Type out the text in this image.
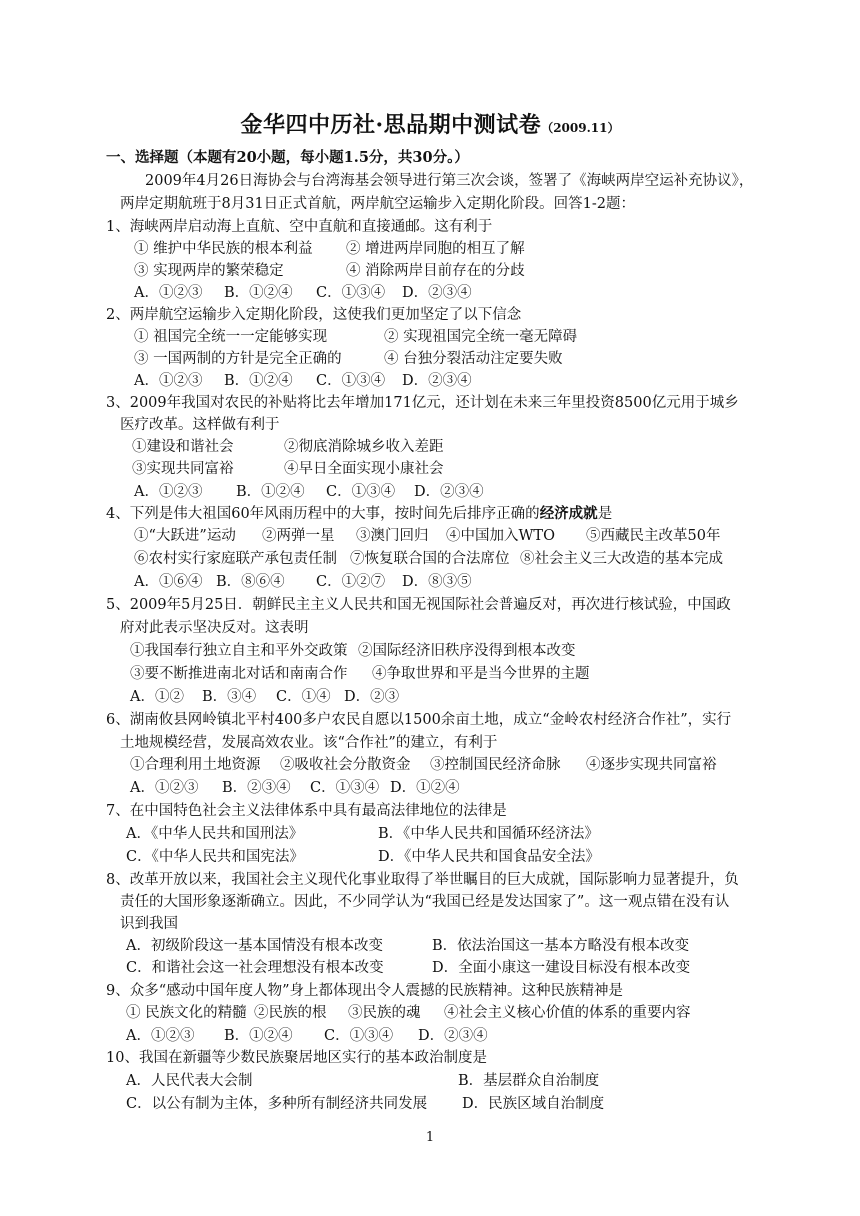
金华四中历社·思品期中测试卷（2009.11）
一、选择题（本题有20小题，每小题1.5分，共30分。）
2009年4月26日海协会与台湾海基会领导进行第三次会谈，签署了《海峡两岸空运补充协议》，
两岸定期航班于8月31日正式首航，两岸航空运输步入定期化阶段。回答1-2题：
1、海峡两岸启动海上直航、空中直航和直接通邮。这有利于
① 维护中华民族的根本利益 ② 增进两岸同胞的相互了解
③ 实现两岸的繁荣稳定	④ 消除两岸目前存在的分歧
A．①②③ B．①②④ C．①③④ D．②③④
2、两岸航空运输步入定期化阶段，这使我们更加坚定了以下信念
① 祖国完全统一一定能够实现	② 实现祖国完全统一毫无障碍
③ 一国两制的方针是完全正确的	④ 台独分裂活动注定要失败
A．①②③ B．①②④ C．①③④ D．②③④
3、2009年我国对农民的补贴将比去年增加171亿元，还计划在未来三年里投资8500亿元用于城乡
医疗改革。这样做有利于
①建设和谐社会	②彻底消除城乡收入差距
③实现共同富裕	④早日全面实现小康社会
A．①②③ B．①②④ C．①③④ D．②③④
4、下列是伟大祖国60年风雨历程中的大事，按时间先后排序正确的经济成就是
①“大跃进”运动 ②两弹一星 ③澳门回归 ④中国加入WTO ⑤西藏民主改革50年
⑥农村实行家庭联产承包责任制 ⑦恢复联合国的合法席位 ⑧社会主义三大改造的基本完成
A．①⑥④ B．⑧⑥④ C．①②⑦ D．⑧③⑤
5、2009年5月25日．朝鲜民主主义人民共和国无视国际社会普遍反对，再次进行核试验，中国政
府对此表示坚决反对。这表明
①我国奉行独立自主和平外交政策 ②国际经济旧秩序没得到根本改变
③要不断推进南北对话和南南合作 ④争取世界和平是当今世界的主题
A．①② B．③④ C．①④ D．②③
6、湖南攸县网岭镇北平村400多户农民自愿以1500余亩土地，成立“金岭农村经济合作社”，实行
土地规模经营，发展高效农业。该“合作社”的建立，有利于
①合理利用土地资源 ②吸收社会分散资金 ③控制国民经济命脉 ④逐步实现共同富裕
A．①②③ B．②③④ C．①③④ D．①②④
7、在中国特色社会主义法律体系中具有最高法律地位的法律是
A．《中华人民共和国刑法》	B．《中华人民共和国循环经济法》
C．《中华人民共和国宪法》	D．《中华人民共和国食品安全法》
8、改革开放以来，我国社会主义现代化事业取得了举世瞩目的巨大成就，国际影响力显著提升，负
责任的大国形象逐渐确立。因此，不少同学认为“我国已经是发达国家了”。这一观点错在没有认
识到我国
A．初级阶段这一基本国情没有根本改变	B．依法治国这一基本方略没有根本改变
C．和谐社会这一社会理想没有根本改变	D．全面小康这一建设目标没有根本改变
9、众多“感动中国年度人物”身上都体现出令人震撼的民族精神。这种民族精神是
① 民族文化的精髓 ②民族的根 ③民族的魂 ④社会主义核心价值的体系的重要内容
A．①②③ B．①②④ C．①③④ D．②③④
10、我国在新疆等少数民族聚居地区实行的基本政治制度是
A．人民代表大会制	B．基层群众自治制度
C．以公有制为主体，多种所有制经济共同发展 D．民族区域自治制度
1
